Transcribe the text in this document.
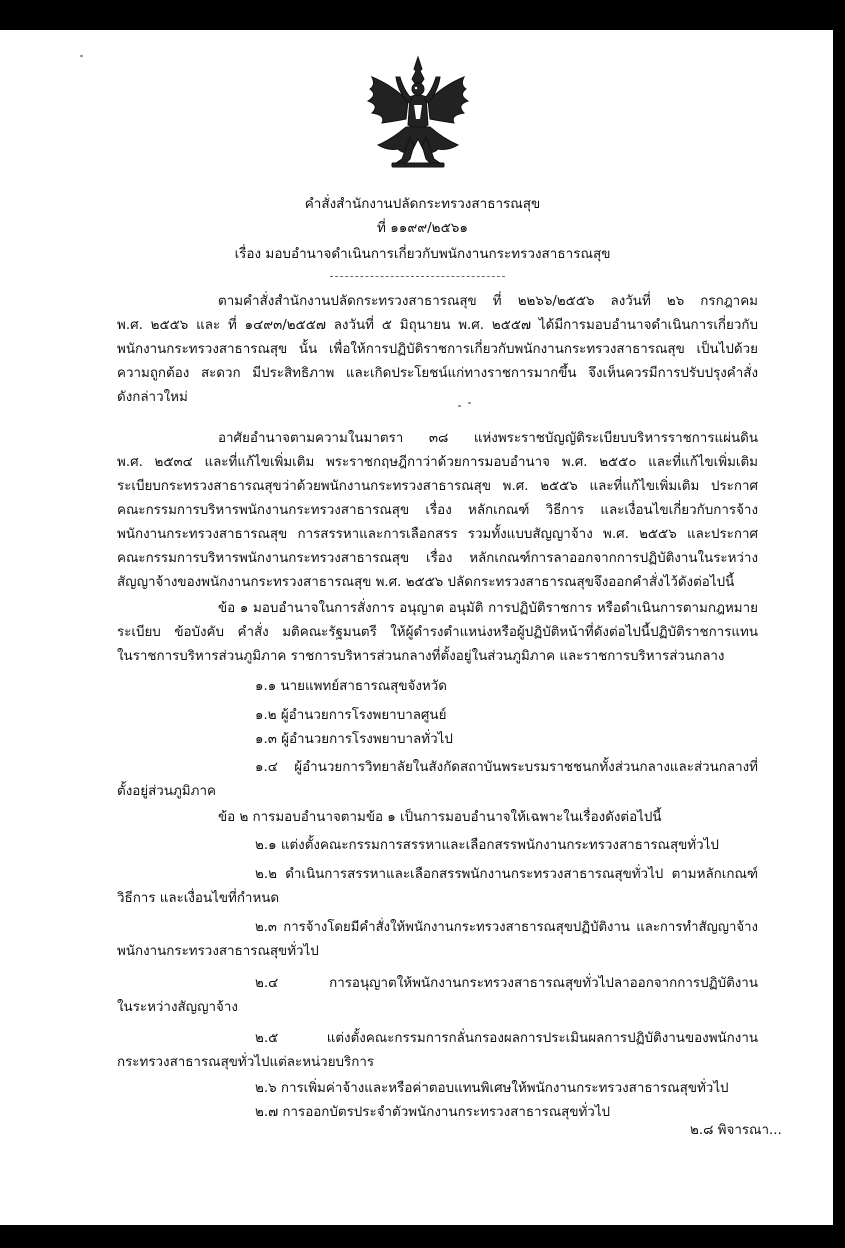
คำสั่งสำนักงานปลัดกระทรวงสาธารณสุข
ที่ ๑๑๙๙/๒๕๖๑
เรื่อง มอบอำนาจดำเนินการเกี่ยวกับพนักงานกระทรวงสาธารณสุข
ตามคำสั่งสำนักงานปลัดกระทรวงสาธารณสุข ที่ ๒๒๖๖/๒๕๕๖ ลงวันที่ ๒๖ กรกฎาคม
พ.ศ. ๒๕๕๖ และ ที่ ๑๔๙๓/๒๕๕๗ ลงวันที่ ๕ มิถุนายน พ.ศ. ๒๕๕๗ ได้มีการมอบอำนาจดำเนินการเกี่ยวกับ
พนักงานกระทรวงสาธารณสุข นั้น เพื่อให้การปฏิบัติราชการเกี่ยวกับพนักงานกระทรวงสาธารณสุข เป็นไปด้วย
ความถูกต้อง สะดวก มีประสิทธิภาพ และเกิดประโยชน์แก่ทางราชการมากขึ้น จึงเห็นควรมีการปรับปรุงคำสั่ง
ดังกล่าวใหม่
อาศัยอำนาจตามความในมาตรา ๓๘ แห่งพระราชบัญญัติระเบียบบริหารราชการแผ่นดิน
พ.ศ. ๒๕๓๔ และที่แก้ไขเพิ่มเติม พระราชกฤษฎีกาว่าด้วยการมอบอำนาจ พ.ศ. ๒๕๕๐ และที่แก้ไขเพิ่มเติม
ระเบียบกระทรวงสาธารณสุขว่าด้วยพนักงานกระทรวงสาธารณสุข พ.ศ. ๒๕๕๖ และที่แก้ไขเพิ่มเติม ประกาศ
คณะกรรมการบริหารพนักงานกระทรวงสาธารณสุข เรื่อง หลักเกณฑ์ วิธีการ และเงื่อนไขเกี่ยวกับการจ้าง
พนักงานกระทรวงสาธารณสุข การสรรหาและการเลือกสรร รวมทั้งแบบสัญญาจ้าง พ.ศ. ๒๕๕๖ และประกาศ
คณะกรรมการบริหารพนักงานกระทรวงสาธารณสุข เรื่อง หลักเกณฑ์การลาออกจากการปฏิบัติงานในระหว่าง
สัญญาจ้างของพนักงานกระทรวงสาธารณสุข พ.ศ. ๒๕๕๖ ปลัดกระทรวงสาธารณสุขจึงออกคำสั่งไว้ดังต่อไปนี้
ข้อ ๑ มอบอำนาจในการสั่งการ อนุญาต อนุมัติ การปฏิบัติราชการ หรือดำเนินการตามกฎหมาย
ระเบียบ ข้อบังคับ คำสั่ง มติคณะรัฐมนตรี ให้ผู้ดำรงตำแหน่งหรือผู้ปฏิบัติหน้าที่ดังต่อไปนี้ปฏิบัติราชการแทน
ในราชการบริหารส่วนภูมิภาค ราชการบริหารส่วนกลางที่ตั้งอยู่ในส่วนภูมิภาค และราชการบริหารส่วนกลาง
๑.๑ นายแพทย์สาธารณสุขจังหวัด
๑.๒ ผู้อำนวยการโรงพยาบาลศูนย์
๑.๓ ผู้อำนวยการโรงพยาบาลทั่วไป
๑.๔ ผู้อำนวยการวิทยาลัยในสังกัดสถาบันพระบรมราชชนกทั้งส่วนกลางและส่วนกลางที่
ตั้งอยู่ส่วนภูมิภาค
ข้อ ๒ การมอบอำนาจตามข้อ ๑ เป็นการมอบอำนาจให้เฉพาะในเรื่องดังต่อไปนี้
๒.๑ แต่งตั้งคณะกรรมการสรรหาและเลือกสรรพนักงานกระทรวงสาธารณสุขทั่วไป
๒.๒ ดำเนินการสรรหาและเลือกสรรพนักงานกระทรวงสาธารณสุขทั่วไป ตามหลักเกณฑ์
วิธีการ และเงื่อนไขที่กำหนด
๒.๓ การจ้างโดยมีคำสั่งให้พนักงานกระทรวงสาธารณสุขปฏิบัติงาน และการทำสัญญาจ้าง
พนักงานกระทรวงสาธารณสุขทั่วไป
๒.๔ การอนุญาตให้พนักงานกระทรวงสาธารณสุขทั่วไปลาออกจากการปฏิบัติงาน
ในระหว่างสัญญาจ้าง
๒.๕ แต่งตั้งคณะกรรมการกลั่นกรองผลการประเมินผลการปฏิบัติงานของพนักงาน
กระทรวงสาธารณสุขทั่วไปแต่ละหน่วยบริการ
๒.๖ การเพิ่มค่าจ้างและหรือค่าตอบแทนพิเศษให้พนักงานกระทรวงสาธารณสุขทั่วไป
๒.๗ การออกบัตรประจำตัวพนักงานกระทรวงสาธารณสุขทั่วไป
๒.๘ พิจารณา...
